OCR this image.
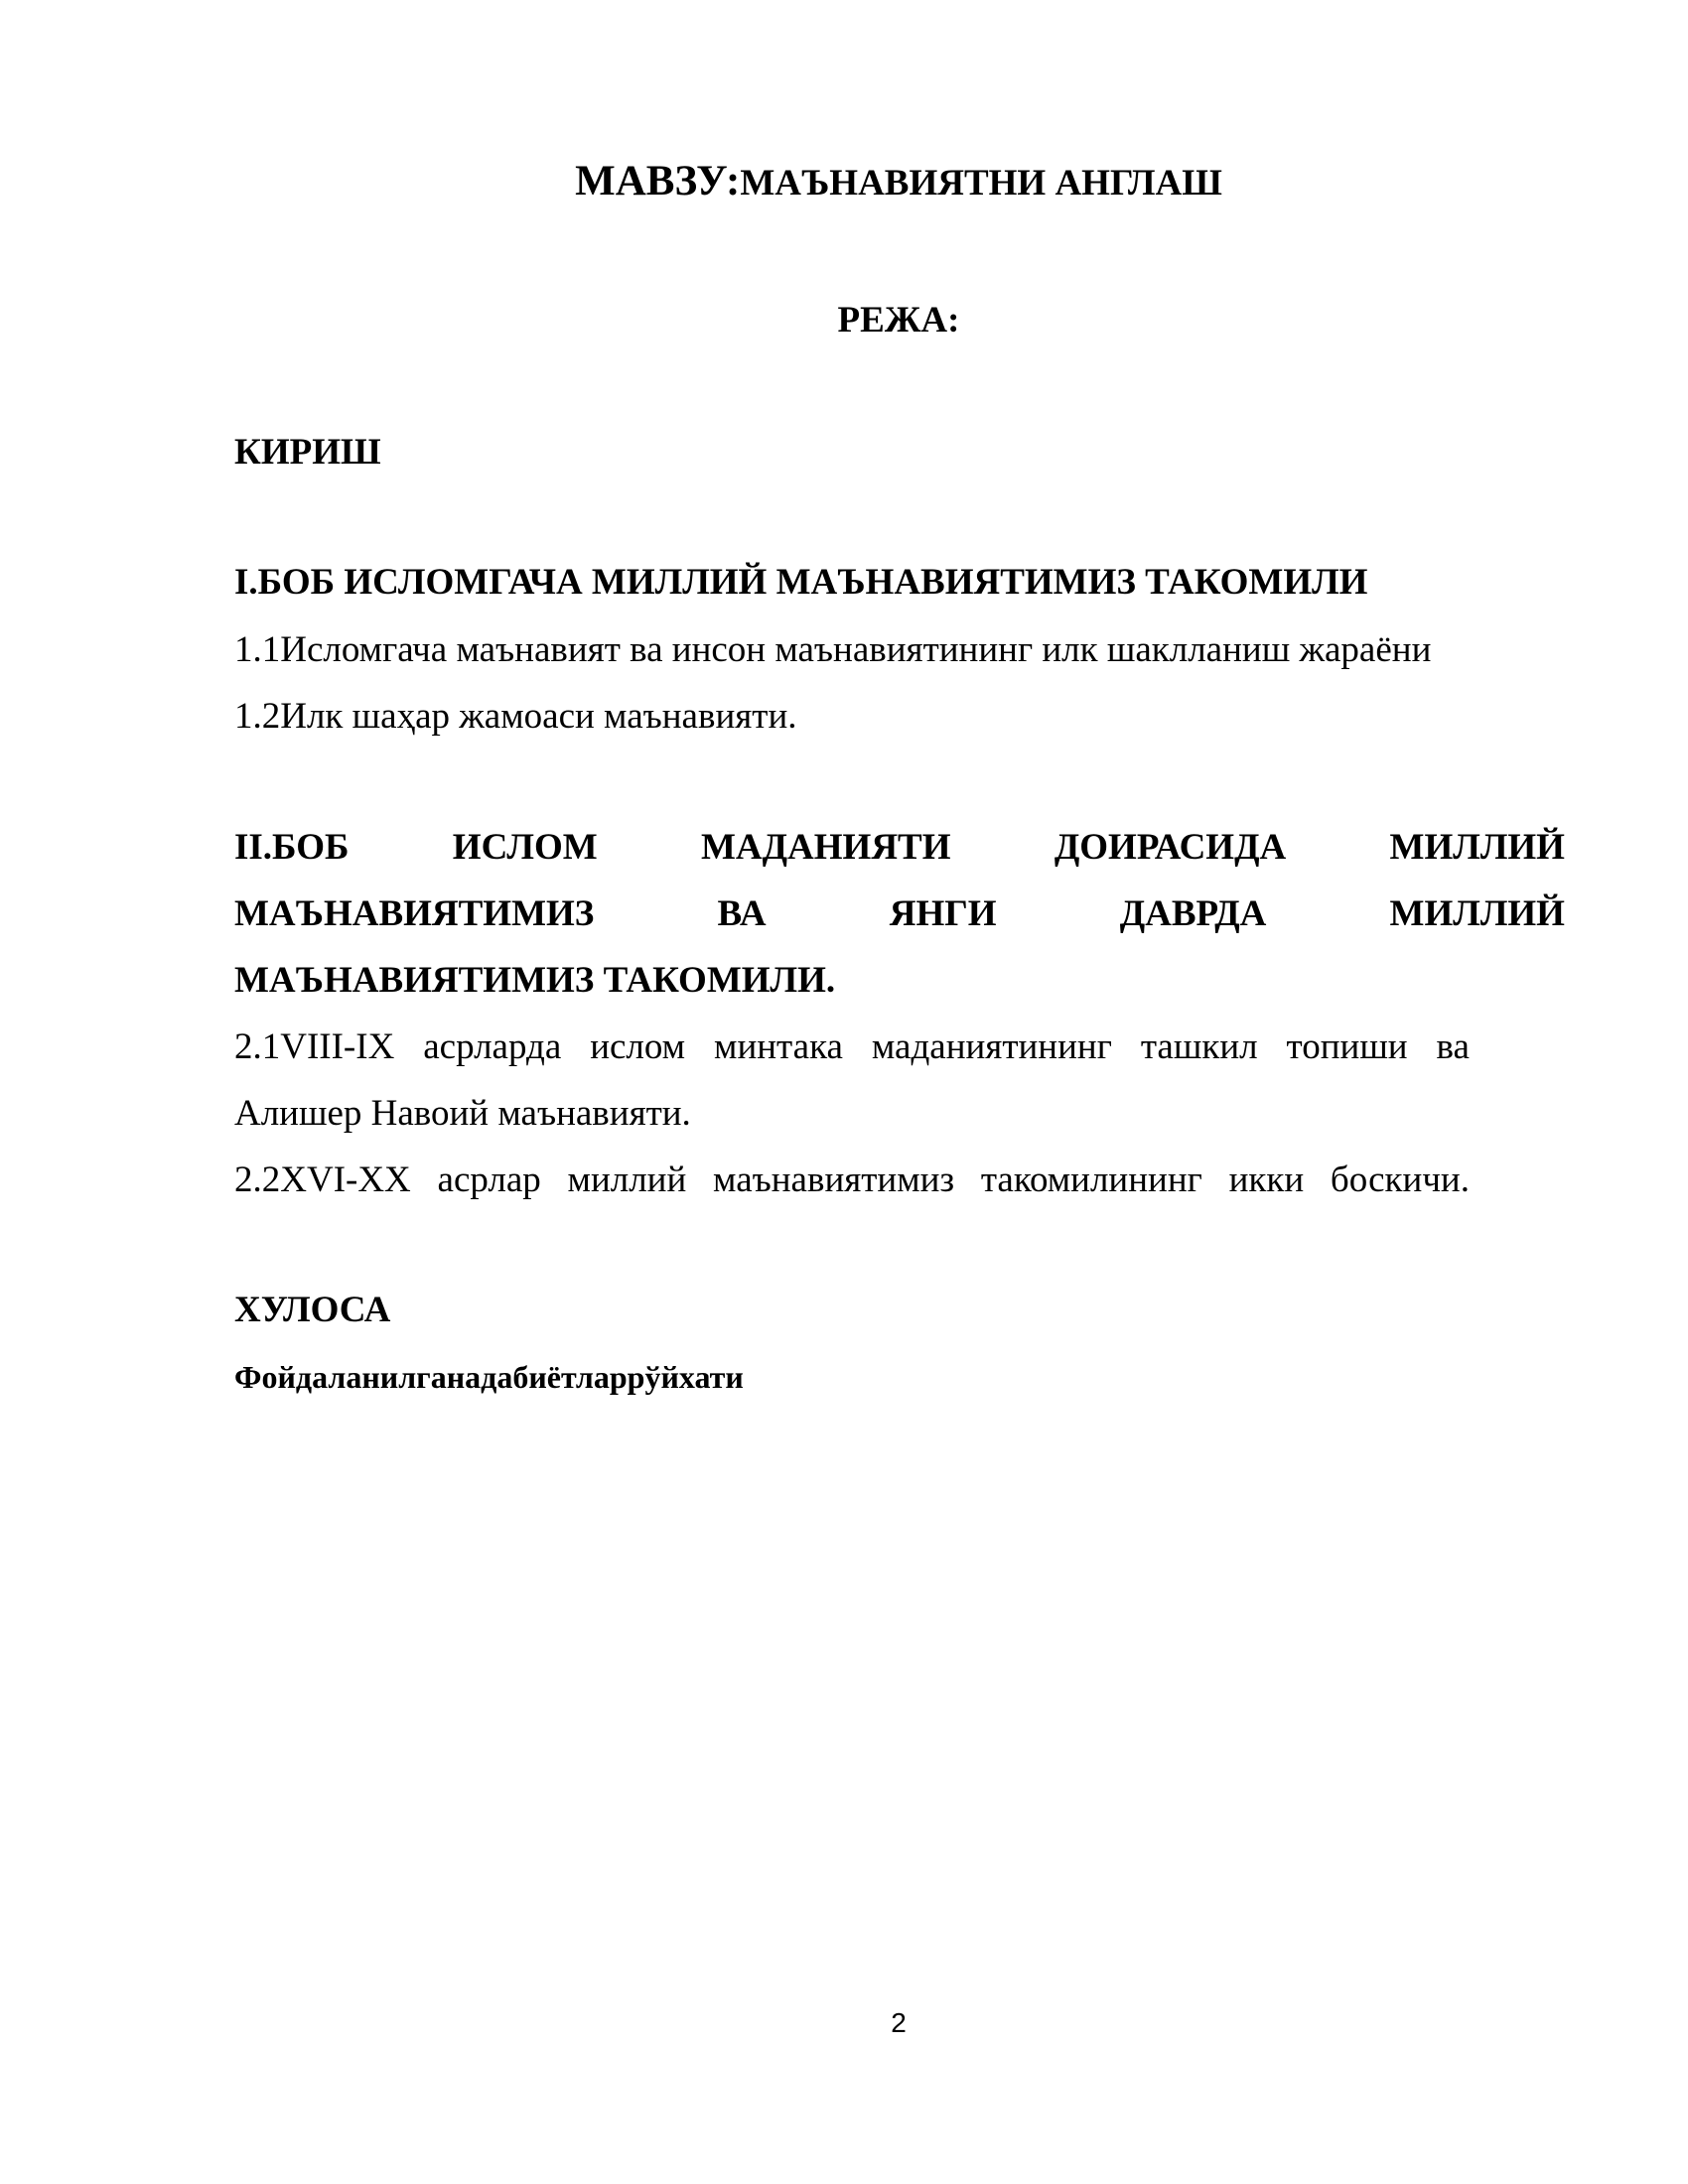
МАВЗУ:МАЪНАВИЯТНИ АНГЛАШ
РЕЖА:
КИРИШ
I.БОБ ИСЛОМГАЧА МИЛЛИЙ МАЪНАВИЯТИМИЗ ТАКОМИЛИ
1.1Исломгача маънавият ва инсон маънавиятининг илк шаклланиш жараёни
1.2Илк шаҳар жамоаси маънавияти.
II.БОБ	ИСЛОМ	МАДАНИЯТИ	ДОИРАСИДА	МИЛЛИЙ
МАЪНАВИЯТИМИЗ	ВА	ЯНГИ	ДАВРДА	МИЛЛИЙ
МАЪНАВИЯТИМИЗ ТАКОМИЛИ.
2.1VIII-IX асрларда ислом минтака маданиятининг ташкил топиши ва
Алишер Навоий маънавияти.
2.2XVI-XX асрлар миллий маънавиятимиз такомилининг икки боскичи.
ХУЛОСА
Фойдаланилганадабиётларрўйхати
2
